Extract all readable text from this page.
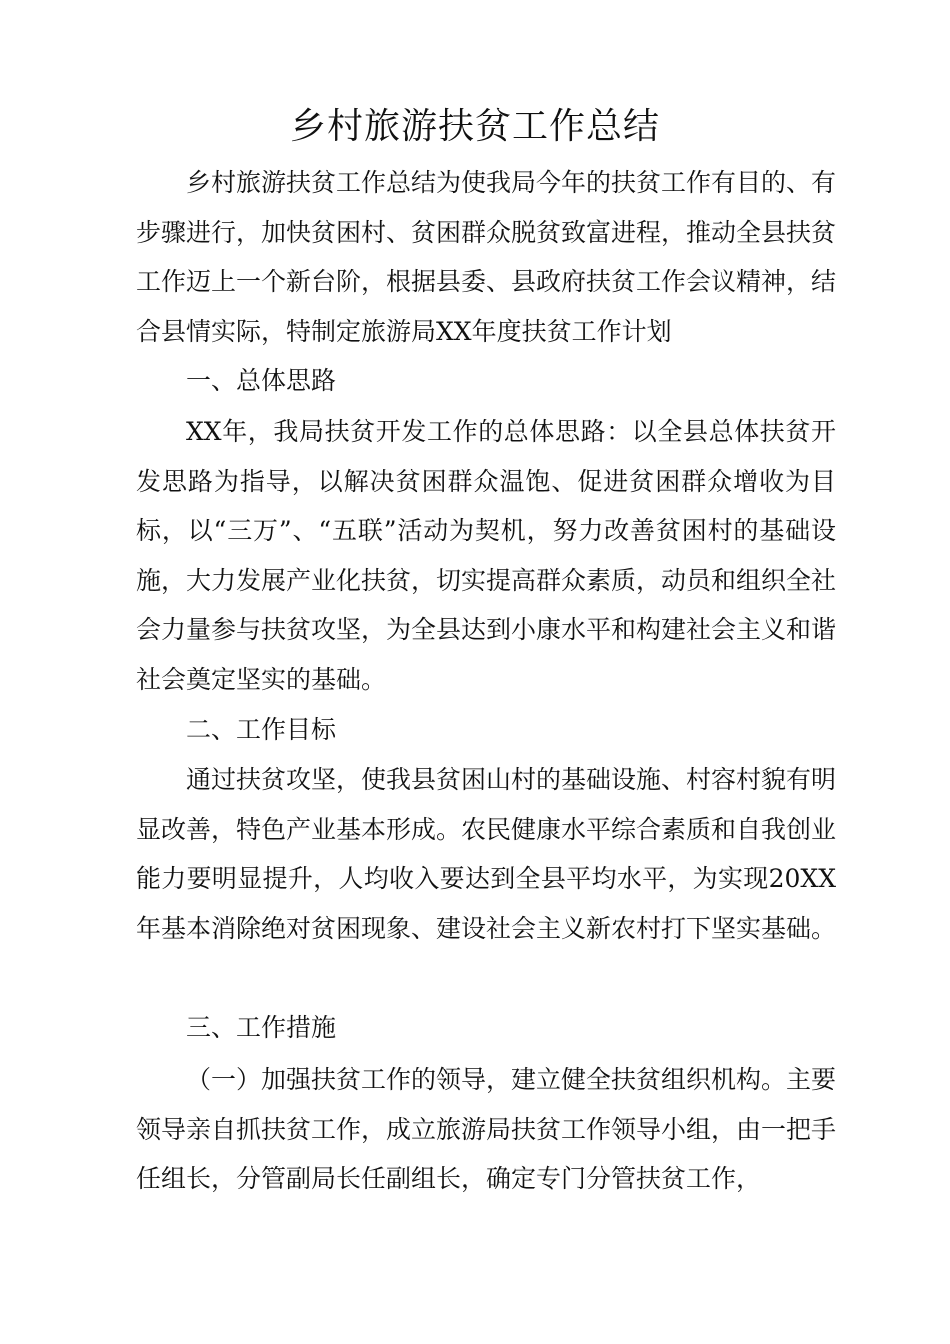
乡村旅游扶贫工作总结

乡村旅游扶贫工作总结为使我局今年的扶贫工作有目的、有步骤进行，加快贫困村、贫困群众脱贫致富进程，推动全县扶贫工作迈上一个新台阶，根据县委、县政府扶贫工作会议精神，结合县情实际，特制定旅游局XX年度扶贫工作计划

一、总体思路

XX年，我局扶贫开发工作的总体思路：以全县总体扶贫开发思路为指导，以解决贫困群众温饱、促进贫困群众增收为目标，以“三万”、“五联”活动为契机，努力改善贫困村的基础设施，大力发展产业化扶贫，切实提高群众素质，动员和组织全社会力量参与扶贫攻坚，为全县达到小康水平和构建社会主义和谐社会奠定坚实的基础。

二、工作目标

通过扶贫攻坚，使我县贫困山村的基础设施、村容村貌有明显改善，特色产业基本形成。农民健康水平综合素质和自我创业能力要明显提升，人均收入要达到全县平均水平，为实现20XX年基本消除绝对贫困现象、建设社会主义新农村打下坚实基础。

三、工作措施

（一）加强扶贫工作的领导，建立健全扶贫组织机构。主要领导亲自抓扶贫工作，成立旅游局扶贫工作领导小组，由一把手任组长，分管副局长任副组长，确定专门分管扶贫工作，
